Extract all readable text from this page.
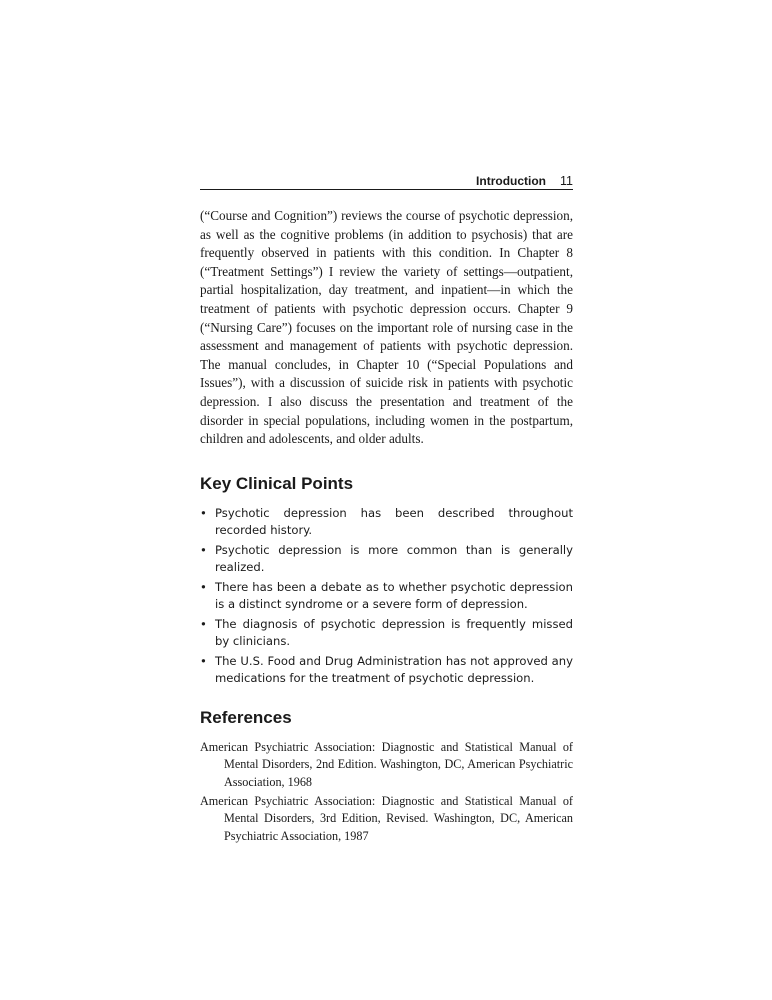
Introduction 11

(“Course and Cognition”) reviews the course of psychotic depression, as well as the cognitive problems (in addition to psychosis) that are frequently observed in patients with this condition. In Chapter 8 (“Treatment Settings”) I review the variety of settings—outpatient, partial hospitalization, day treatment, and inpatient—in which the treatment of patients with psychotic depression occurs. Chapter 9 (“Nursing Care”) focuses on the important role of nursing case in the assessment and management of patients with psychotic depression. The manual concludes, in Chapter 10 (“Special Populations and Issues”), with a discussion of suicide risk in patients with psychotic depression. I also discuss the presentation and treatment of the disorder in special populations, including women in the postpartum, children and adolescents, and older adults.

Key Clinical Points
• Psychotic depression has been described throughout recorded history.
• Psychotic depression is more common than is generally realized.
• There has been a debate as to whether psychotic depression is a distinct syndrome or a severe form of depression.
• The diagnosis of psychotic depression is frequently missed by clinicians.
• The U.S. Food and Drug Administration has not approved any medications for the treatment of psychotic depression.
References
American Psychiatric Association: Diagnostic and Statistical Manual of Mental Disorders, 2nd Edition. Washington, DC, American Psychiatric Association, 1968
American Psychiatric Association: Diagnostic and Statistical Manual of Mental Disorders, 3rd Edition, Revised. Washington, DC, American Psychiatric Association, 1987
